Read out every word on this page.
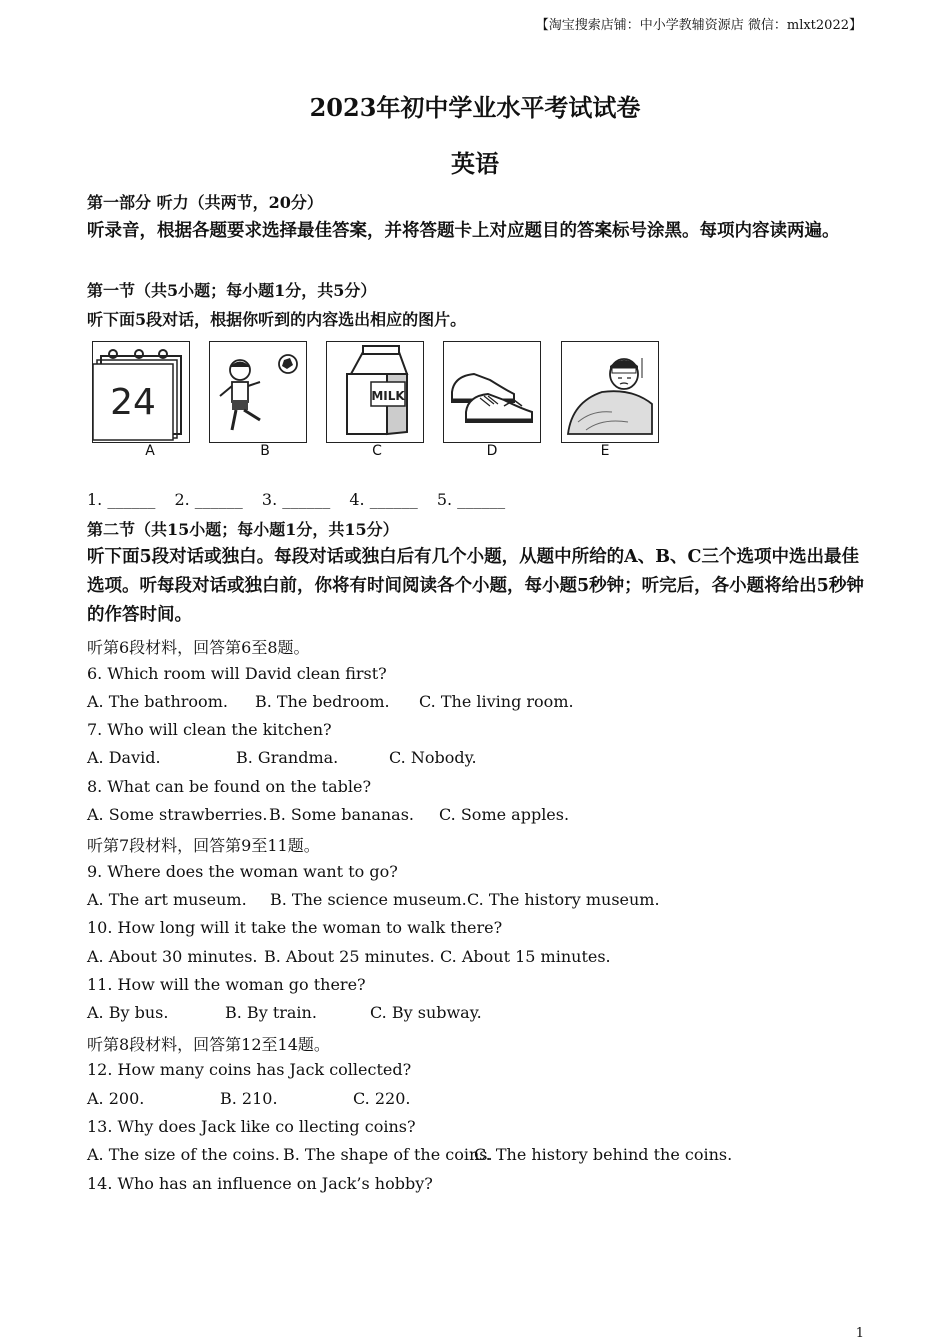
【淘宝搜索店铺：中小学教辅资源店 微信：mlxt2022】
2023年初中学业水平考试试卷
英语
第一部分 听力（共两节，20分）
听录音，根据各题要求选择最佳答案，并将答题卡上对应题目的答案标号涂黑。每项内容读两遍。
第一节（共5小题；每小题1分，共5分）
听下面5段对话，根据你听到的内容选出相应的图片。
24
A	B
MILK
C	D	E
1. ______ 2. ______ 3. ______ 4. ______ 5. ______
第二节（共15小题；每小题1分，共15分）
听下面5段对话或独白。每段对话或独白后有几个小题，从题中所给的A、B、C三个选项中选出最佳选项。听每段对话或独白前，你将有时间阅读各个小题，每小题5秒钟；听完后，各小题将给出5秒钟的作答时间。
听第6段材料，回答第6至8题。
6. Which room will David clean first?
A. The bathroom. B. The bedroom. C. The living room.
7. Who will clean the kitchen?
A. David.	B. Grandma.	C. Nobody.
8. What can be found on the table?
A. Some strawberries. B. Some bananas. C. Some apples.
听第7段材料，回答第9至11题。
9. Where does the woman want to go?
A. The art museum. B. The science museum. C. The history museum.
10. How long will it take the woman to walk there?
A. About 30 minutes. B. About 25 minutes. C. About 15 minutes.
11. How will the woman go there?
A. By bus.	B. By train.	C. By subway.
听第8段材料，回答第12至14题。
12. How many coins has Jack collected?
A. 200.	B. 210.	C. 220.
13. Why does Jack like co llecting coins?
A. The size of the coins. B. The shape of the coins.
C. The history behind the coins.
14. Who has an influence on Jack’s hobby?
1
